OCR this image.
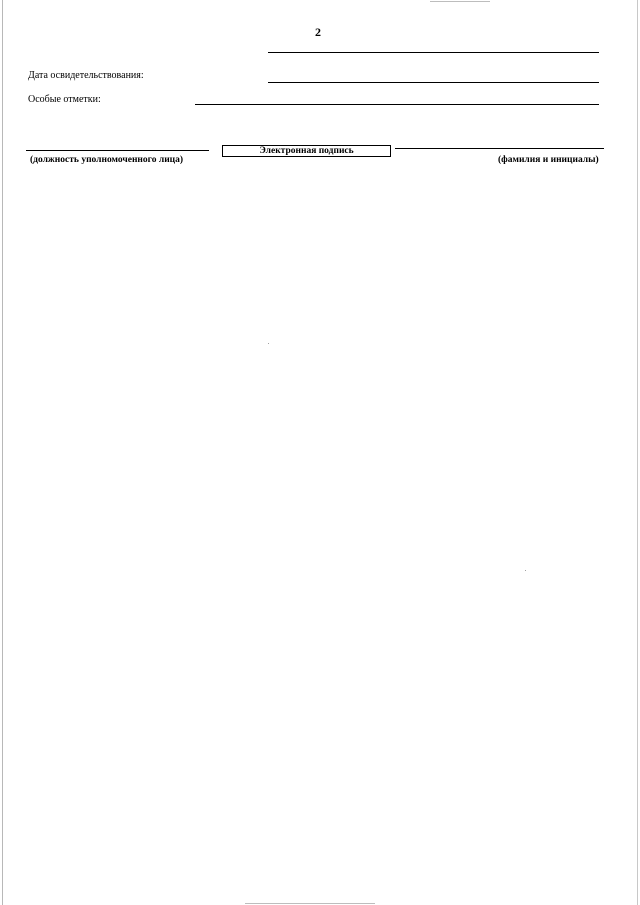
2
Дата освидетельствования:
Особые отметки:
Электронная подпись
(должность уполномоченного лица)	(фамилия и инициалы)
